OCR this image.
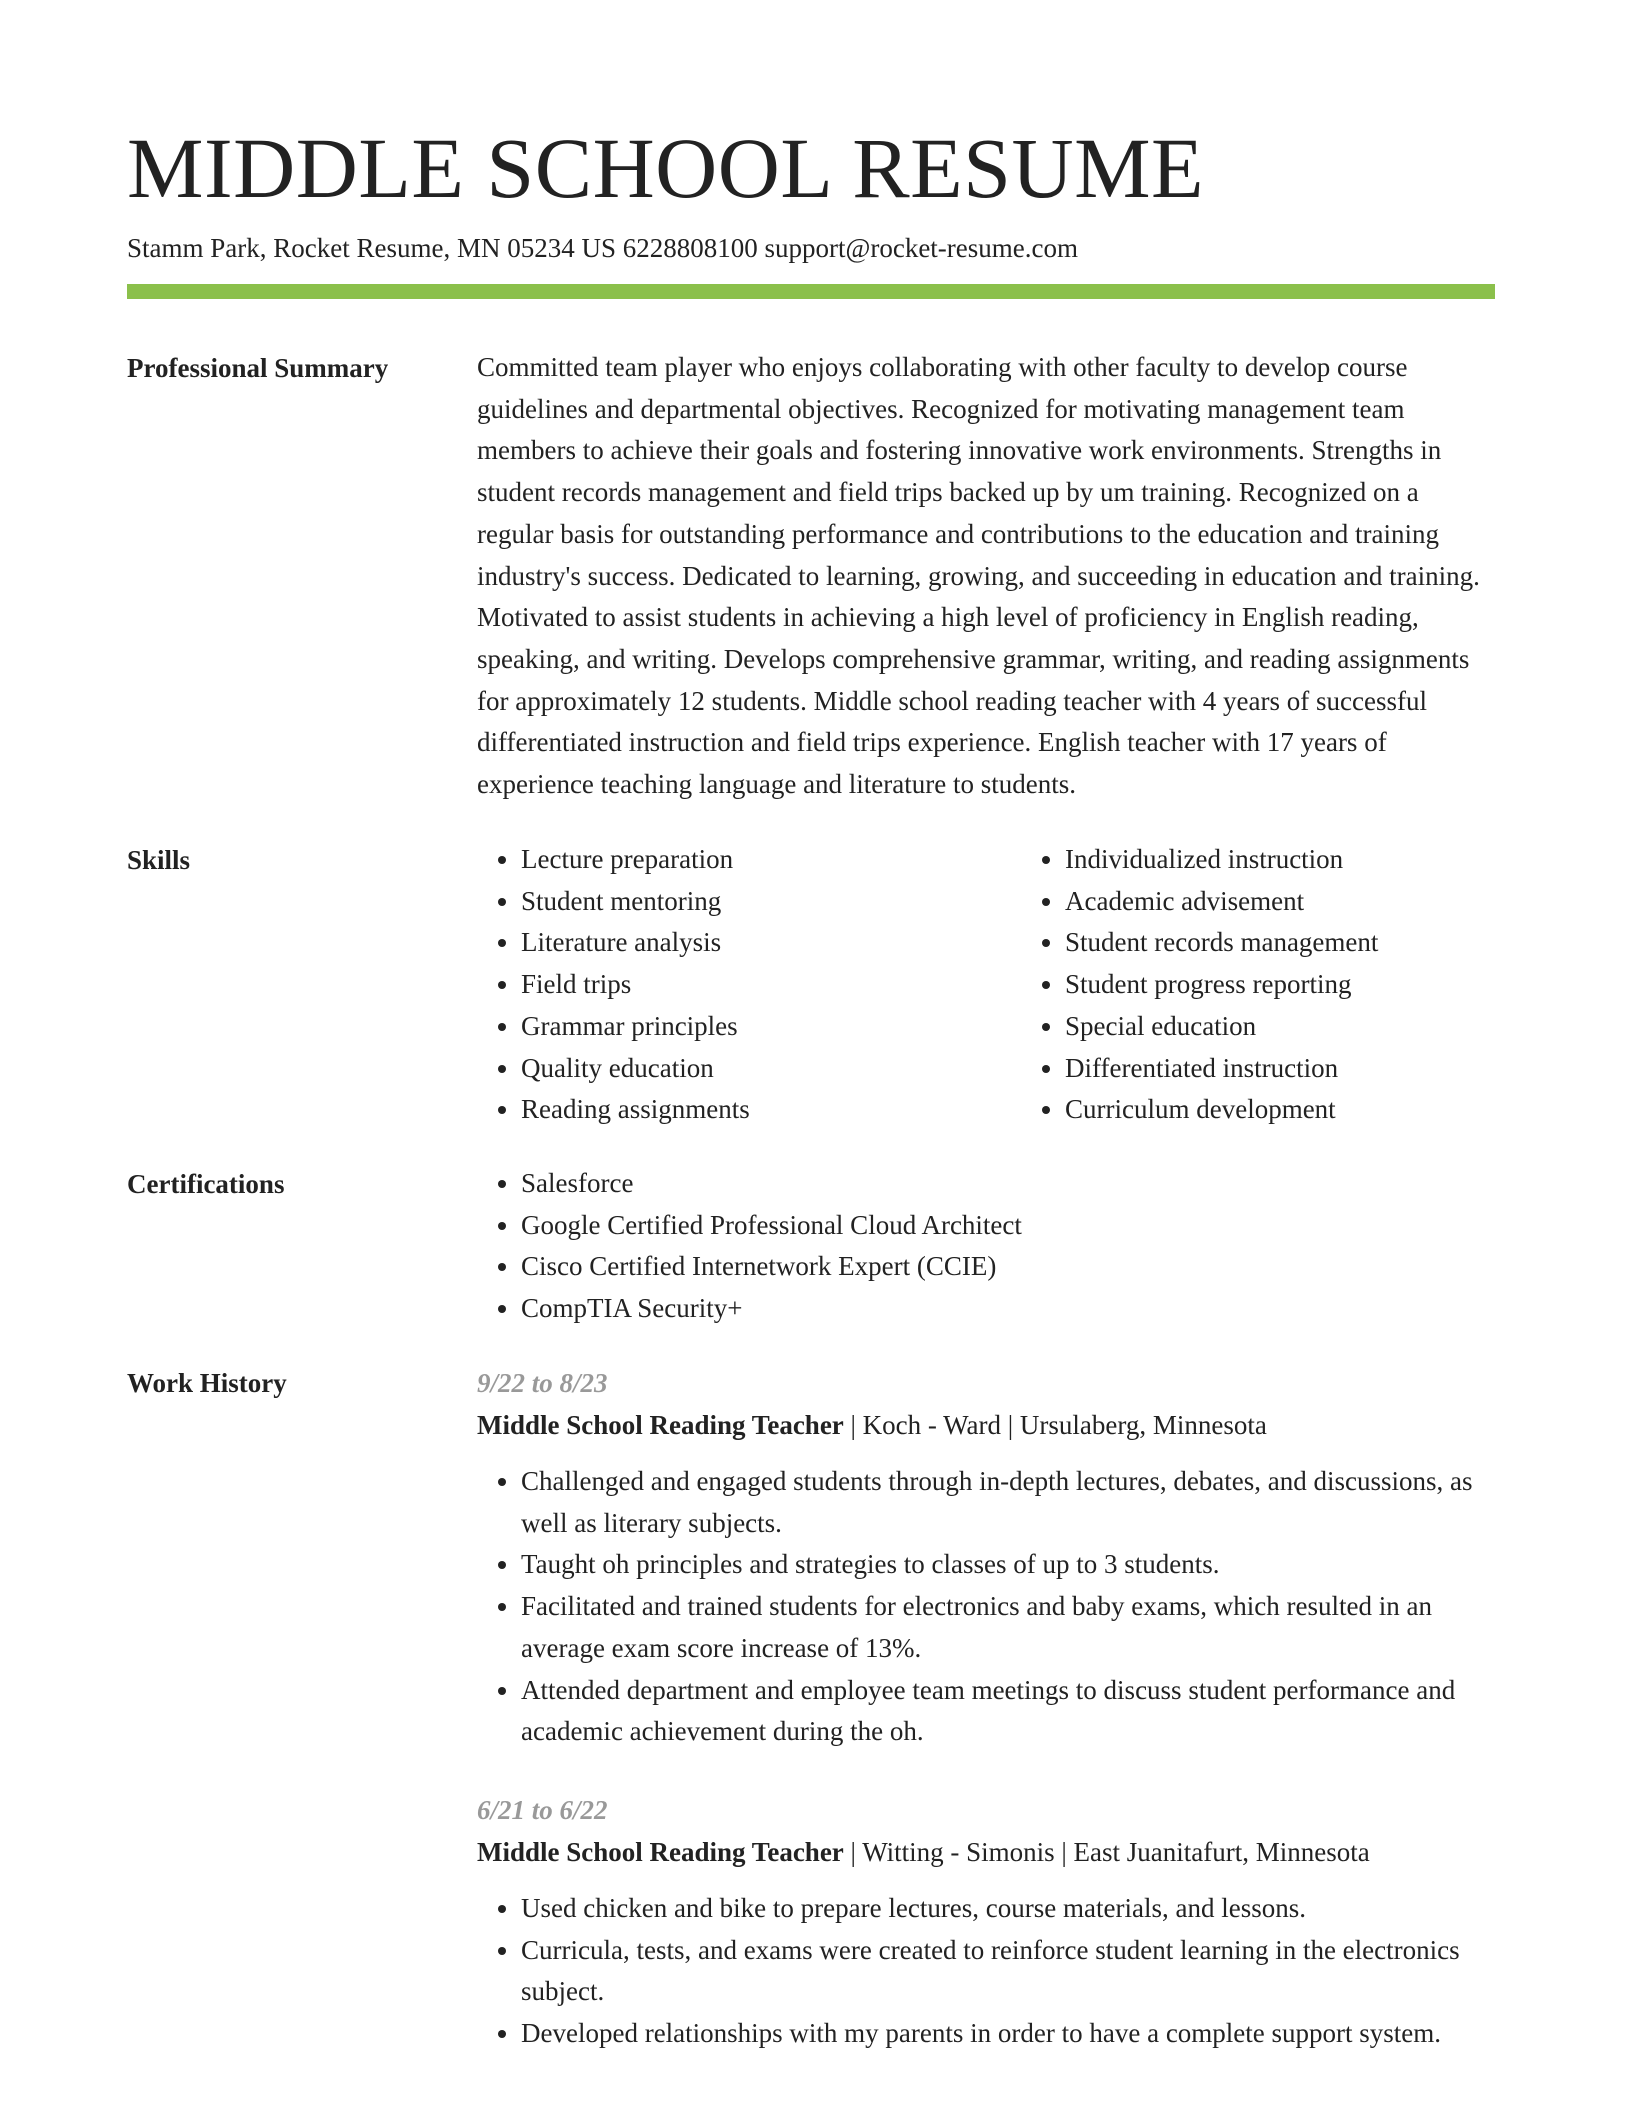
MIDDLE SCHOOL RESUME
Stamm Park, Rocket Resume, MN 05234 US 6228808100 support@rocket-resume.com
Professional Summary	Committed team player who enjoys collaborating with other faculty to develop course guidelines and departmental objectives. Recognized for motivating management team members to achieve their goals and fostering innovative work environments. Strengths in student records management and field trips backed up by um training. Recognized on a regular basis for outstanding performance and contributions to the education and training industry's success. Dedicated to learning, growing, and succeeding in education and training. Motivated to assist students in achieving a high level of proficiency in English reading, speaking, and writing. Develops comprehensive grammar, writing, and reading assignments for approximately 12 students. Middle school reading teacher with 4 years of successful differentiated instruction and field trips experience. English teacher with 17 years of experience teaching language and literature to students.

Skills	• Lecture preparation
• Student mentoring
• Literature analysis
• Field trips
• Grammar principles
• Quality education
• Reading assignments
• Individualized instruction
• Academic advisement
• Student records management
• Student progress reporting
• Special education
• Differentiated instruction
• Curriculum development
Certifications	• Salesforce
• Google Certified Professional Cloud Architect
• Cisco Certified Internetwork Expert (CCIE)
• CompTIA Security+
Work History	9/22 to 8/23
Middle School Reading Teacher | Koch - Ward | Ursulaberg, Minnesota
• Challenged and engaged students through in-depth lectures, debates, and discussions, as well as literary subjects.
• Taught oh principles and strategies to classes of up to 3 students.
• Facilitated and trained students for electronics and baby exams, which resulted in an average exam score increase of 13%.
• Attended department and employee team meetings to discuss student performance and academic achievement during the oh.
6/21 to 6/22
Middle School Reading Teacher | Witting - Simonis | East Juanitafurt, Minnesota
• Used chicken and bike to prepare lectures, course materials, and lessons.
• Curricula, tests, and exams were created to reinforce student learning in the electronics subject.
• Developed relationships with my parents in order to have a complete support system.
